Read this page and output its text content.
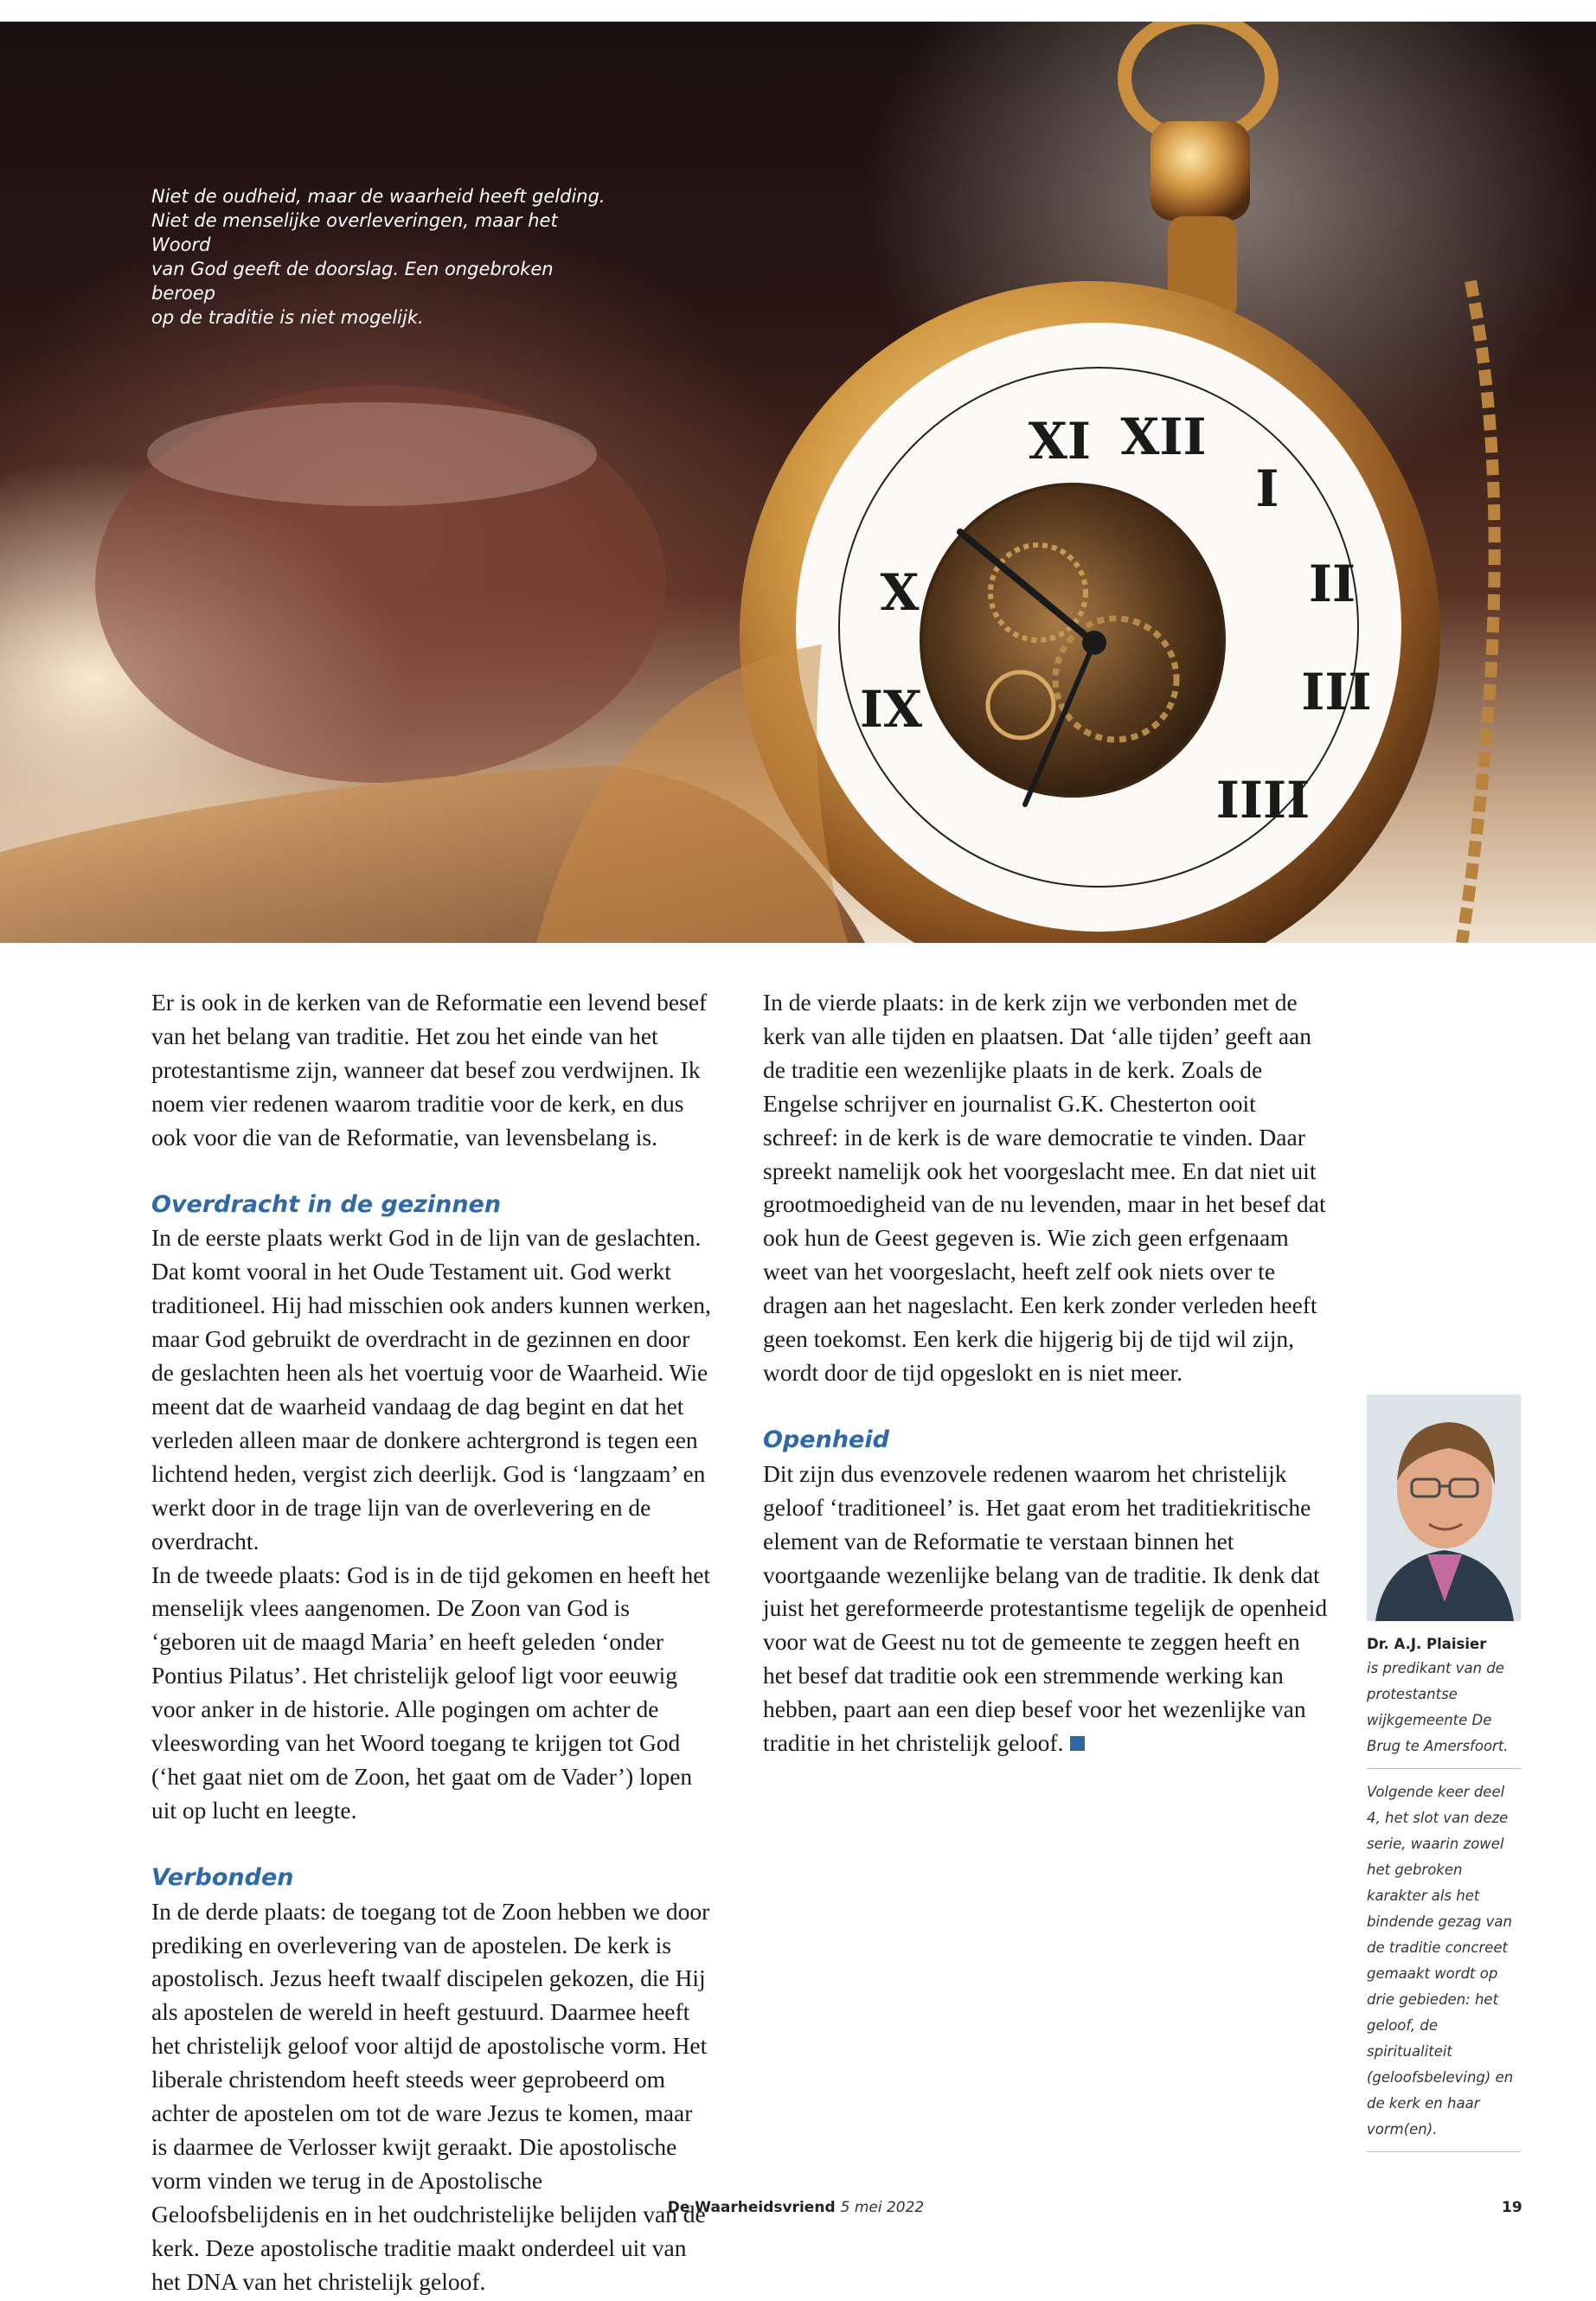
XI XII
I
II
III
IIII
X
IX
Niet de oudheid, maar de waarheid heeft gelding.
Niet de menselijke overleveringen, maar het Woord
van God geeft de doorslag. Een ongebroken beroep
op de traditie is niet mogelijk.

Er is ook in de kerken van de Reformatie een levend besef van het belang van traditie. Het zou het einde van het protestantisme zijn, wanneer dat besef zou verdwijnen. Ik noem vier redenen waarom traditie voor de kerk, en dus ook voor die van de Reformatie, van levensbelang is.

Overdracht in de gezinnen

In de eerste plaats werkt God in de lijn van de geslachten. Dat komt vooral in het Oude Testament uit. God werkt traditioneel. Hij had misschien ook anders kunnen werken, maar God gebruikt de overdracht in de gezinnen en door de geslachten heen als het voertuig voor de Waarheid. Wie meent dat de waarheid vandaag de dag begint en dat het verleden alleen maar de donkere achtergrond is tegen een lichtend heden, vergist zich deerlijk. God is ‘langzaam’ en werkt door in de trage lijn van de overlevering en de overdracht.

In de tweede plaats: God is in de tijd gekomen en heeft het menselijk vlees aangenomen. De Zoon van God is ‘geboren uit de maagd Maria’ en heeft geleden ‘onder Pontius Pilatus’. Het christelijk geloof ligt voor eeuwig voor anker in de historie. Alle pogingen om achter de vleeswording van het Woord toegang te krijgen tot God (‘het gaat niet om de Zoon, het gaat om de Vader’) lopen uit op lucht en leegte.

Verbonden

In de derde plaats: de toegang tot de Zoon hebben we door prediking en overlevering van de apostelen. De kerk is apostolisch. Jezus heeft twaalf discipelen gekozen, die Hij als apostelen de wereld in heeft gestuurd. Daarmee heeft het christelijk geloof voor altijd de apostolische vorm. Het liberale christendom heeft steeds weer geprobeerd om achter de apostelen om tot de ware Jezus te komen, maar is daarmee de Verlosser kwijt geraakt. Die apostolische vorm vinden we terug in de Apostolische Geloofsbelijdenis en in het oudchristelijke belijden van de kerk. Deze apostolische traditie maakt onderdeel uit van het DNA van het christelijk geloof.

In de vierde plaats: in de kerk zijn we verbonden met de kerk van alle tijden en plaatsen. Dat ‘alle tijden’ geeft aan de traditie een wezenlijke plaats in de kerk. Zoals de Engelse schrijver en journalist G.K. Chesterton ooit schreef: in de kerk is de ware democratie te vinden. Daar spreekt namelijk ook het voorgeslacht mee. En dat niet uit grootmoedigheid van de nu levenden, maar in het besef dat ook hun de Geest gegeven is. Wie zich geen erfgenaam weet van het voorgeslacht, heeft zelf ook niets over te dragen aan het nageslacht. Een kerk zonder verleden heeft geen toekomst. Een kerk die hijgerig bij de tijd wil zijn, wordt door de tijd opgeslokt en is niet meer.

Openheid

Dit zijn dus evenzovele redenen waarom het christelijk geloof ‘traditioneel’ is. Het gaat erom het traditiekritische element van de Reformatie te verstaan binnen het voortgaande wezenlijke belang van de traditie. Ik denk dat juist het gereformeerde protestantisme tegelijk de openheid voor wat de Geest nu tot de gemeente te zeggen heeft en het besef dat traditie ook een stremmende werking kan hebben, paart aan een diep besef voor het wezenlijke van traditie in het christelijk geloof.

Dr. A.J. Plaisier
is predikant van de protestantse wijkgemeente De Brug te Amersfoort.
Volgende keer deel 4, het slot van deze serie, waarin zowel het gebroken karakter als het bindende gezag van de traditie concreet gemaakt wordt op drie gebieden: het geloof, de spiritualiteit (geloofsbeleving) en de kerk en haar vorm(en).
De Waarheidsvriend 5 mei 2022	19
